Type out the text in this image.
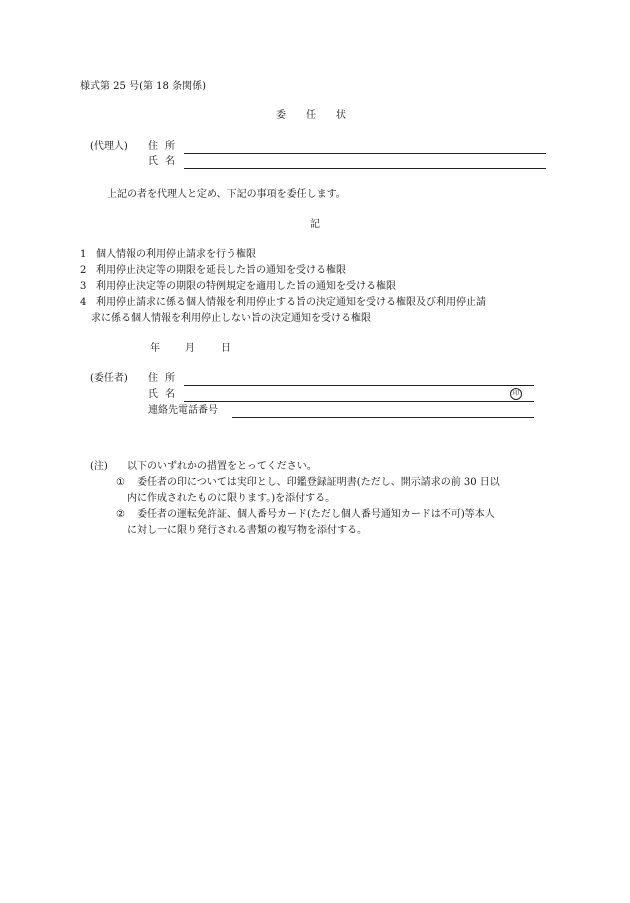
様式第 25 号(第 18 条関係)
委任状
(代理人) 住所
氏名
上記の者を代理人と定め、下記の事項を委任します。
記
1 個人情報の利用停止請求を行う権限
2 利用停止決定等の期限を延長した旨の通知を受ける権限
3 利用停止決定等の期限の特例規定を適用した旨の通知を受ける権限
4 利用停止請求に係る個人情報を利用停止する旨の決定通知を受ける権限及び利用停止請
求に係る個人情報を利用停止しない旨の決定通知を受ける権限
年	月	日
(委任者) 住所
氏名	印
連絡先電話番号
(注) 以下のいずれかの措置をとってください。
① 委任者の印については実印とし、印鑑登録証明書(ただし、開示請求の前 30 日以
内に作成されたものに限ります。)を添付する。
② 委任者の運転免許証、個人番号カード(ただし個人番号通知カードは不可)等本人
に対し一に限り発行される書類の複写物を添付する。
